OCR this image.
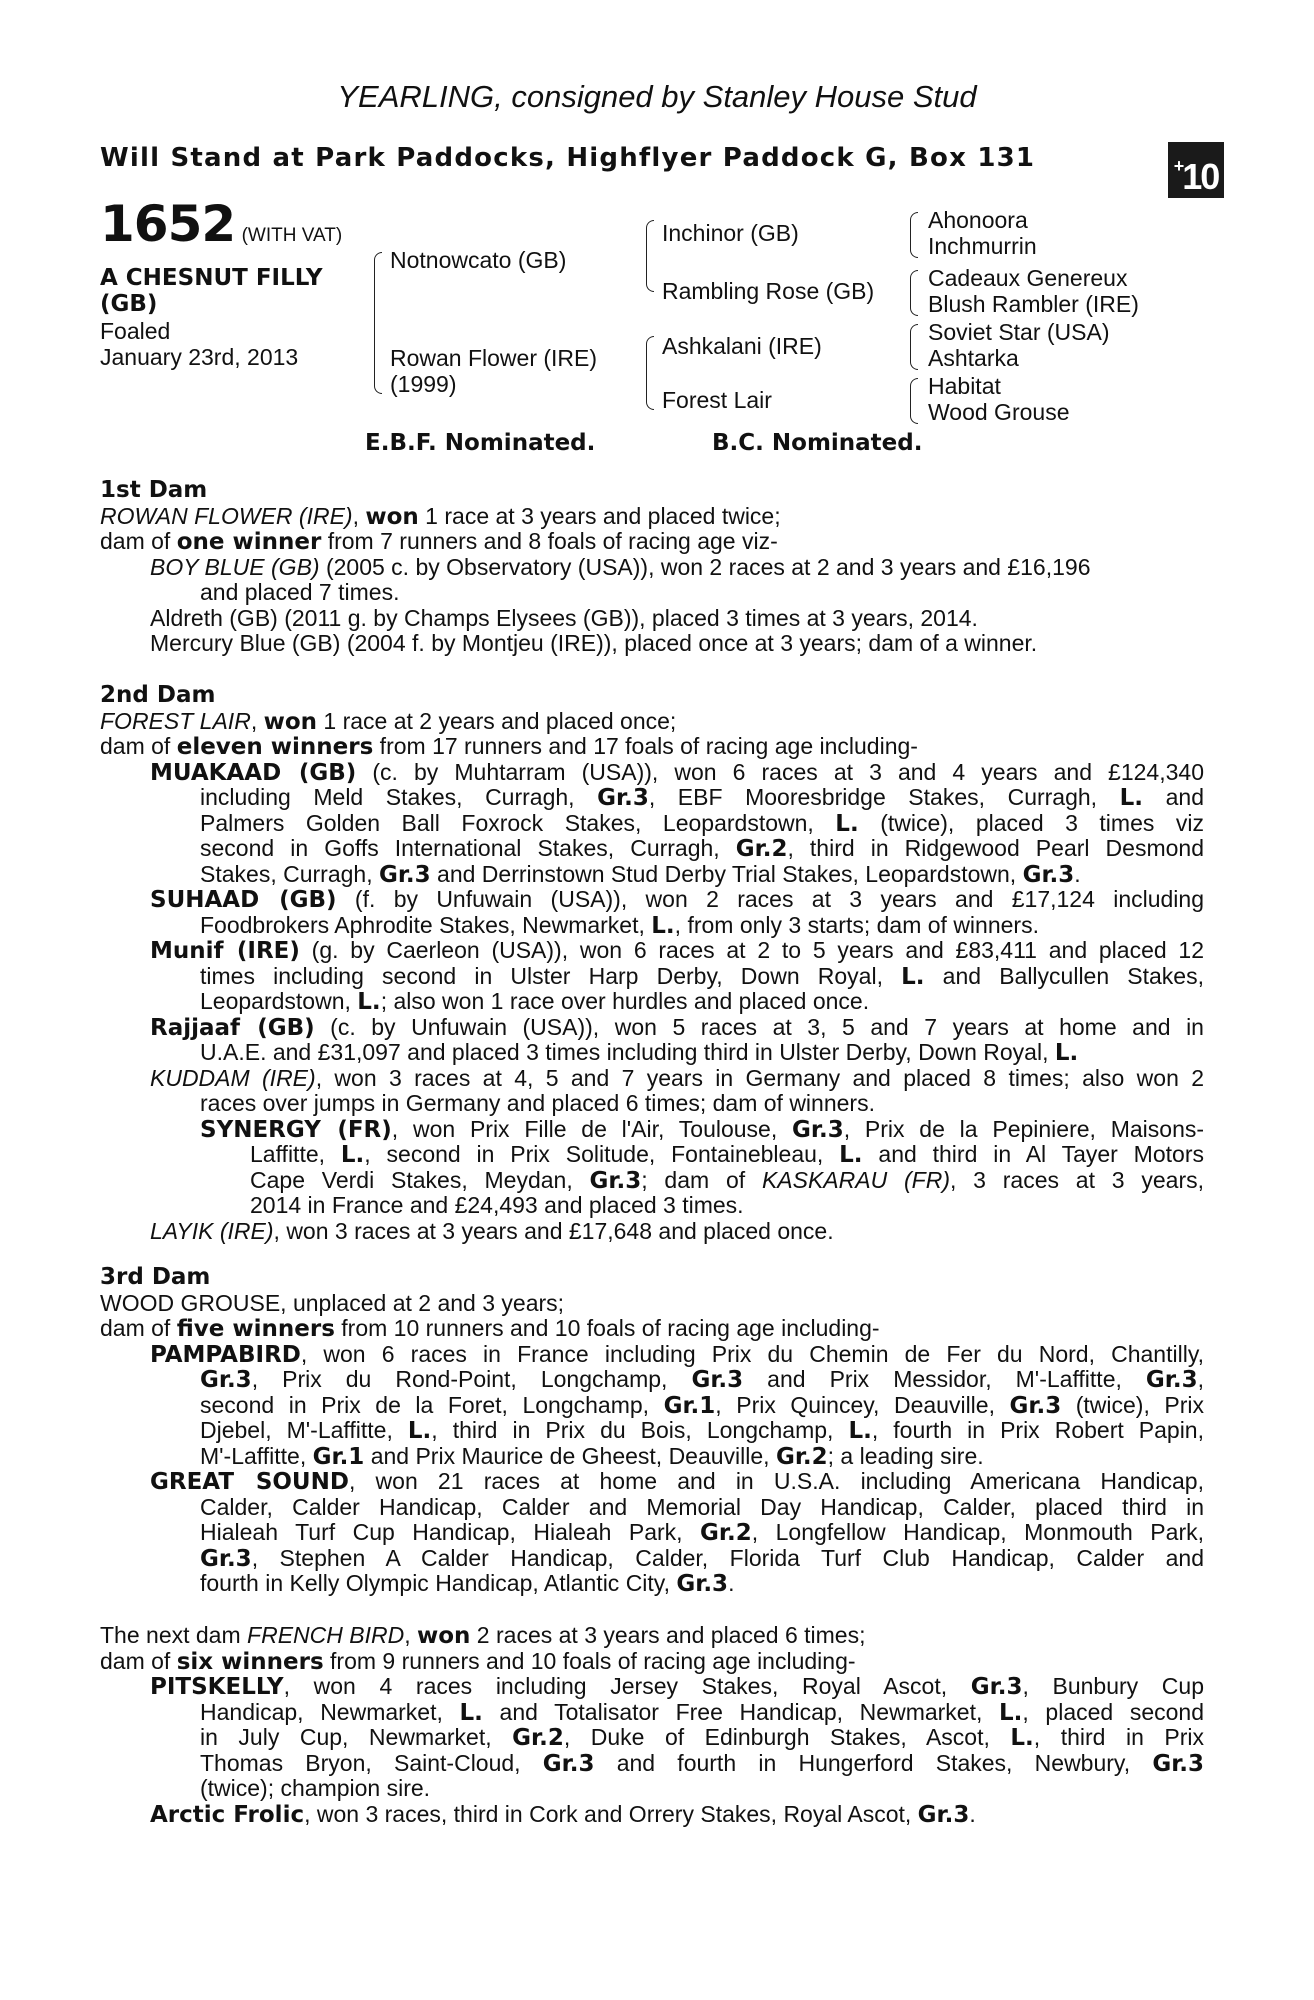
YEARLING, consigned by Stanley House Stud
Will Stand at Park Paddocks, Highflyer Paddock G, Box 131	+10
1652 (WITH VAT)
A CHESNUT FILLY
(GB)
Foaled
January 23rd, 2013
Notnowcato (GB)
Rowan Flower (IRE)
(1999)
Inchinor (GB)
Rambling Rose (GB)
Ashkalani (IRE)
Forest Lair
Ahonoora
Inchmurrin
Cadeaux Genereux
Blush Rambler (IRE)
Soviet Star (USA)
Ashtarka
Habitat
Wood Grouse
E.B.F. Nominated.	B.C. Nominated.
1st Dam
ROWAN FLOWER (IRE), won 1 race at 3 years and placed twice;
dam of one winner from 7 runners and 8 foals of racing age viz-
BOY BLUE (GB) (2005 c. by Observatory (USA)), won 2 races at 2 and 3 years and £16,196
and placed 7 times.
Aldreth (GB) (2011 g. by Champs Elysees (GB)), placed 3 times at 3 years, 2014.
Mercury Blue (GB) (2004 f. by Montjeu (IRE)), placed once at 3 years; dam of a winner.
2nd Dam
FOREST LAIR, won 1 race at 2 years and placed once;
dam of eleven winners from 17 runners and 17 foals of racing age including-
MUAKAAD (GB) (c. by Muhtarram (USA)), won 6 races at 3 and 4 years and £124,340
including Meld Stakes, Curragh, Gr.3, EBF Mooresbridge Stakes, Curragh, L. and
Palmers Golden Ball Foxrock Stakes, Leopardstown, L. (twice), placed 3 times viz
second in Goffs International Stakes, Curragh, Gr.2, third in Ridgewood Pearl Desmond
Stakes, Curragh, Gr.3 and Derrinstown Stud Derby Trial Stakes, Leopardstown, Gr.3.
SUHAAD (GB) (f. by Unfuwain (USA)), won 2 races at 3 years and £17,124 including
Foodbrokers Aphrodite Stakes, Newmarket, L., from only 3 starts; dam of winners.
Munif (IRE) (g. by Caerleon (USA)), won 6 races at 2 to 5 years and £83,411 and placed 12
times including second in Ulster Harp Derby, Down Royal, L. and Ballycullen Stakes,
Leopardstown, L.; also won 1 race over hurdles and placed once.
Rajjaaf (GB) (c. by Unfuwain (USA)), won 5 races at 3, 5 and 7 years at home and in
U.A.E. and £31,097 and placed 3 times including third in Ulster Derby, Down Royal, L.
KUDDAM (IRE), won 3 races at 4, 5 and 7 years in Germany and placed 8 times; also won 2
races over jumps in Germany and placed 6 times; dam of winners.
SYNERGY (FR), won Prix Fille de l'Air, Toulouse, Gr.3, Prix de la Pepiniere, Maisons-
Laffitte, L., second in Prix Solitude, Fontainebleau, L. and third in Al Tayer Motors
Cape Verdi Stakes, Meydan, Gr.3; dam of KASKARAU (FR), 3 races at 3 years,
2014 in France and £24,493 and placed 3 times.
LAYIK (IRE), won 3 races at 3 years and £17,648 and placed once.
3rd Dam
WOOD GROUSE, unplaced at 2 and 3 years;
dam of five winners from 10 runners and 10 foals of racing age including-
PAMPABIRD, won 6 races in France including Prix du Chemin de Fer du Nord, Chantilly,
Gr.3, Prix du Rond-Point, Longchamp, Gr.3 and Prix Messidor, M'-Laffitte, Gr.3,
second in Prix de la Foret, Longchamp, Gr.1, Prix Quincey, Deauville, Gr.3 (twice), Prix
Djebel, M'-Laffitte, L., third in Prix du Bois, Longchamp, L., fourth in Prix Robert Papin,
M'-Laffitte, Gr.1 and Prix Maurice de Gheest, Deauville, Gr.2; a leading sire.
GREAT SOUND, won 21 races at home and in U.S.A. including Americana Handicap,
Calder, Calder Handicap, Calder and Memorial Day Handicap, Calder, placed third in
Hialeah Turf Cup Handicap, Hialeah Park, Gr.2, Longfellow Handicap, Monmouth Park,
Gr.3, Stephen A Calder Handicap, Calder, Florida Turf Club Handicap, Calder and
fourth in Kelly Olympic Handicap, Atlantic City, Gr.3.
The next dam FRENCH BIRD, won 2 races at 3 years and placed 6 times;
dam of six winners from 9 runners and 10 foals of racing age including-
PITSKELLY, won 4 races including Jersey Stakes, Royal Ascot, Gr.3, Bunbury Cup
Handicap, Newmarket, L. and Totalisator Free Handicap, Newmarket, L., placed second
in July Cup, Newmarket, Gr.2, Duke of Edinburgh Stakes, Ascot, L., third in Prix
Thomas Bryon, Saint-Cloud, Gr.3 and fourth in Hungerford Stakes, Newbury, Gr.3
(twice); champion sire.
Arctic Frolic, won 3 races, third in Cork and Orrery Stakes, Royal Ascot, Gr.3.
